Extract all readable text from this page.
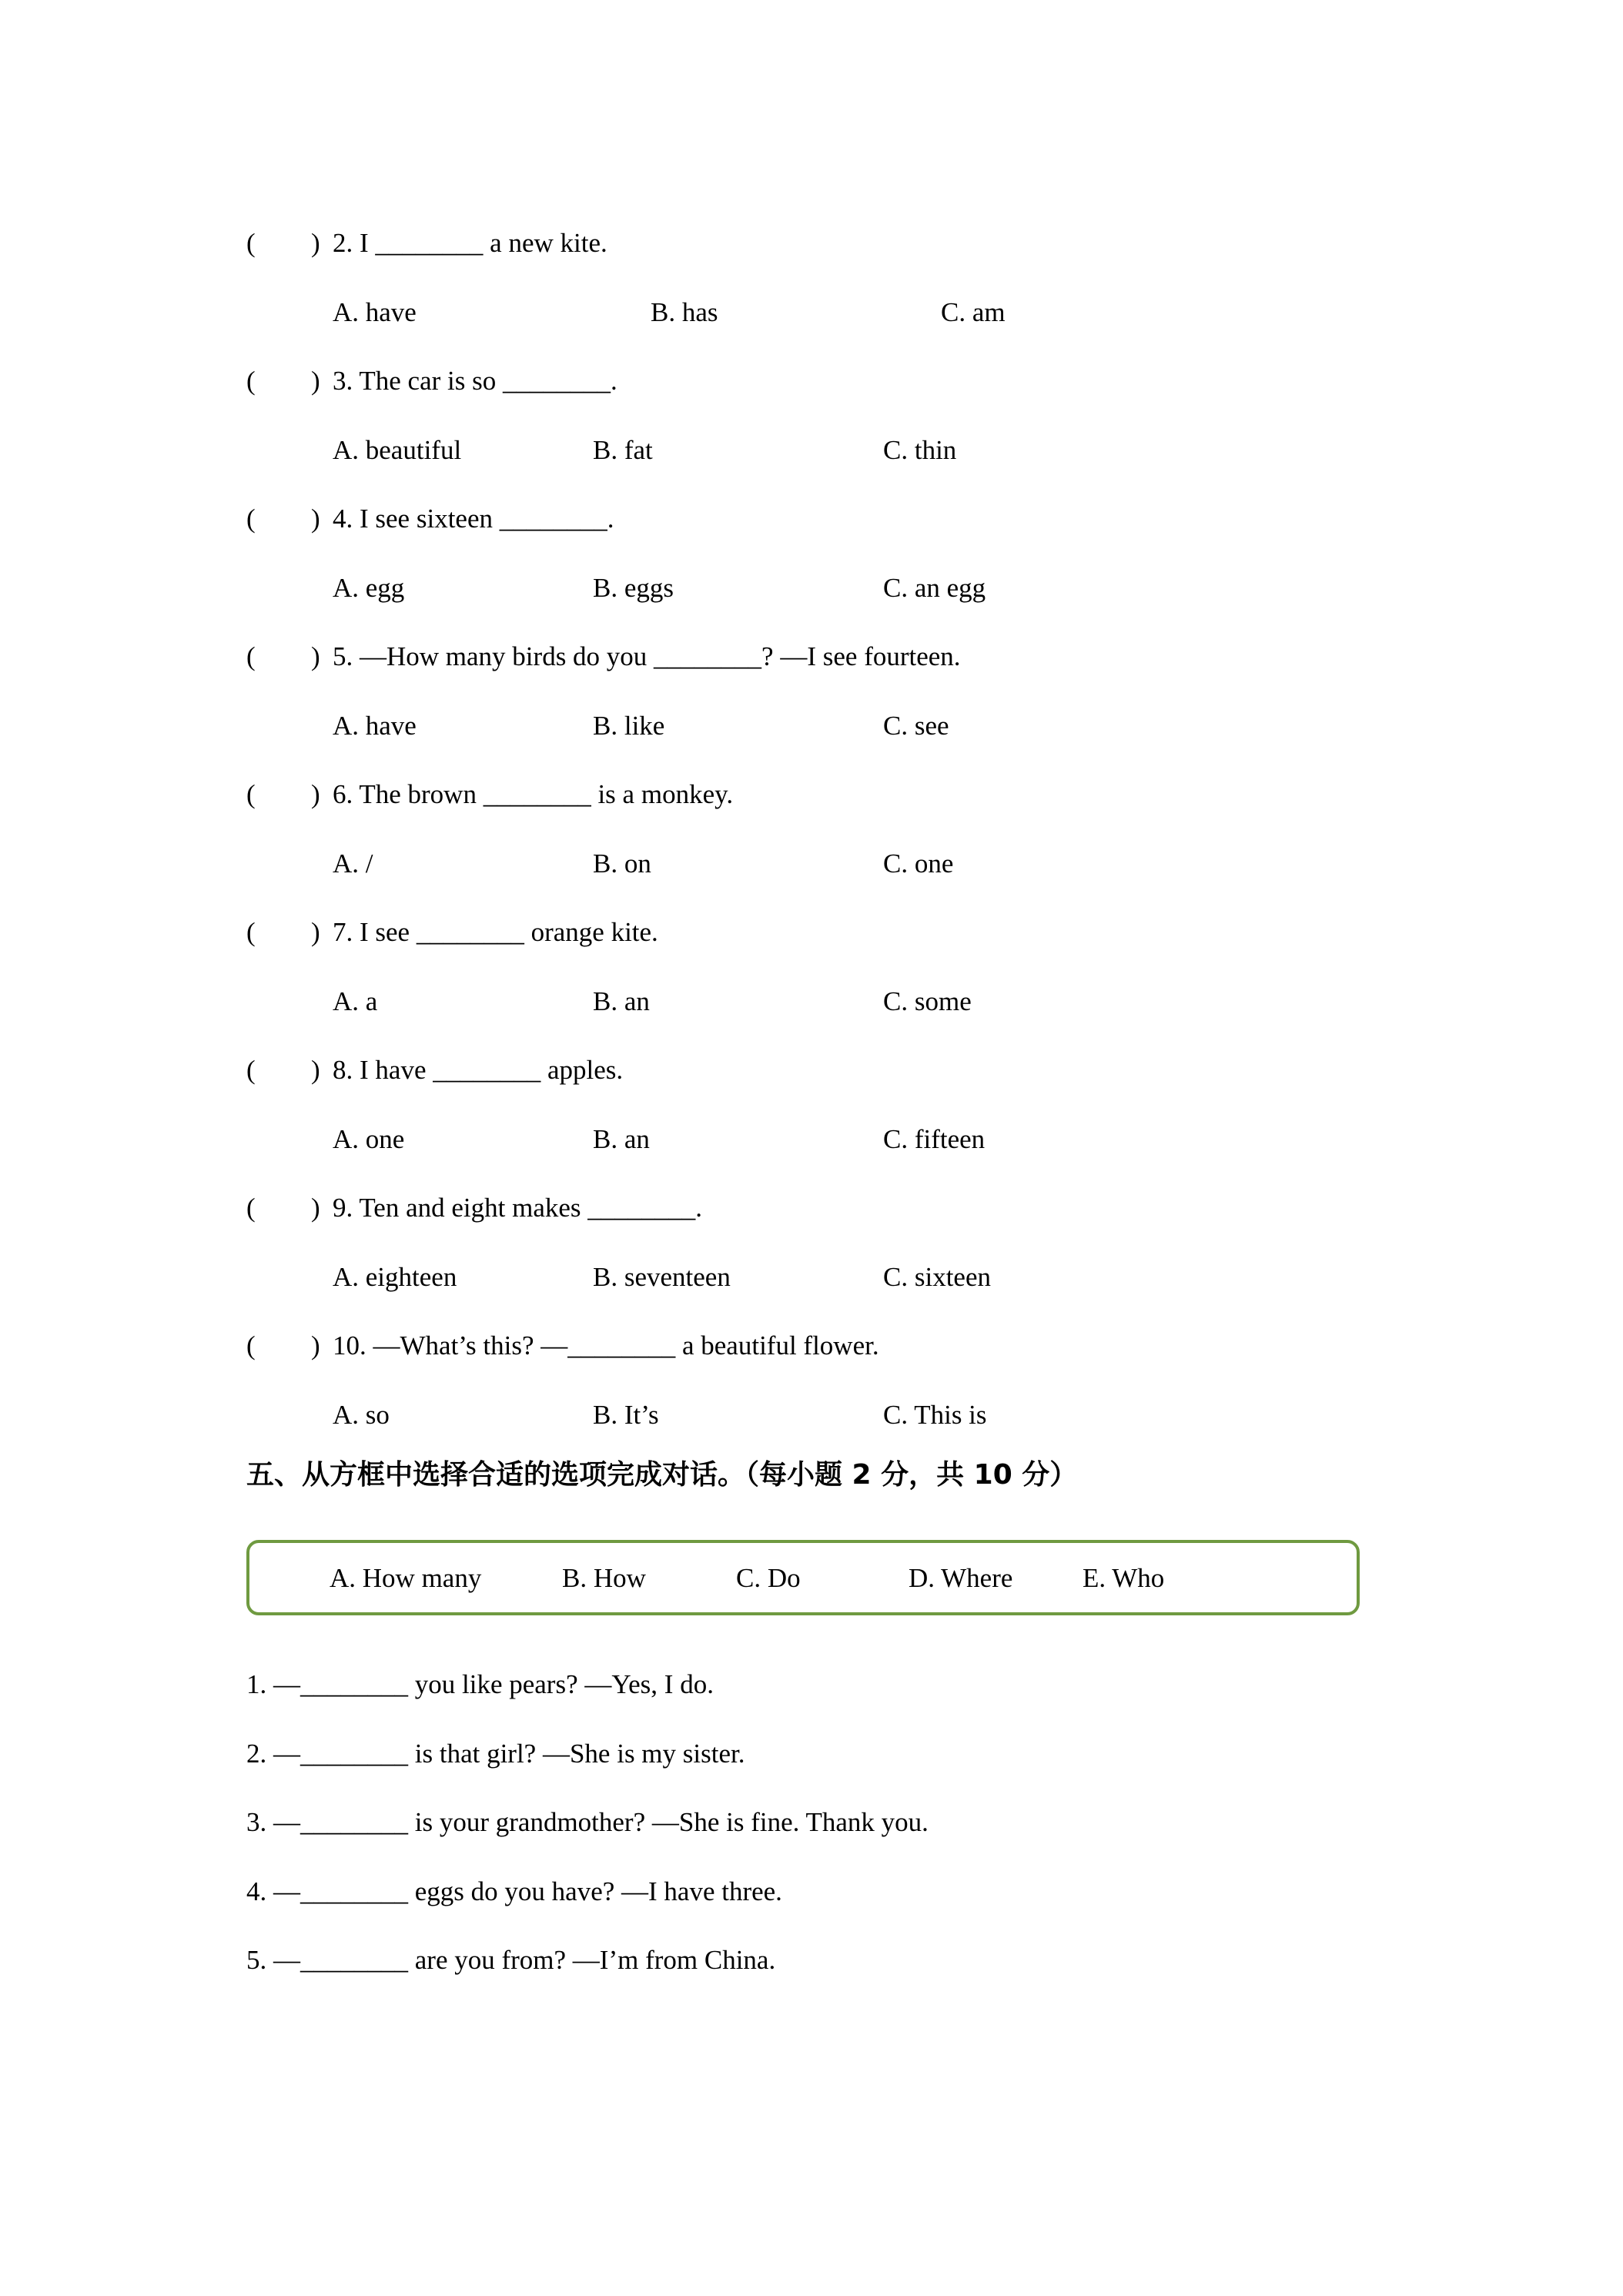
( ) 2. I ________ a new kite.
A. have	B. has	C. am
( ) 3. The car is so ________.
A. beautiful	B. fat	C. thin
( ) 4. I see sixteen ________.
A. egg	B. eggs	C. an egg
( ) 5. —How many birds do you ________? —I see fourteen.
A. have	B. like	C. see
( ) 6. The brown ________ is a monkey.
A. /	B. on	C. one
( ) 7. I see ________ orange kite.
A. a	B. an	C. some
( ) 8. I have ________ apples.
A. one	B. an	C. fifteen
( ) 9. Ten and eight makes ________.
A. eighteen	B. seventeen	C. sixteen
( ) 10. —What’s this? —________ a beautiful flower.
A. so	B. It’s	C. This is
五、从方框中选择合适的选项完成对话。（每小题 2 分，共 10 分）
A. How many	B. How	C. Do	D. Where	E. Who
1. —________ you like pears? —Yes, I do.
2. —________ is that girl? —She is my sister.
3. —________ is your grandmother? —She is fine. Thank you.
4. —________ eggs do you have? —I have three.
5. —________ are you from? —I’m from China.
